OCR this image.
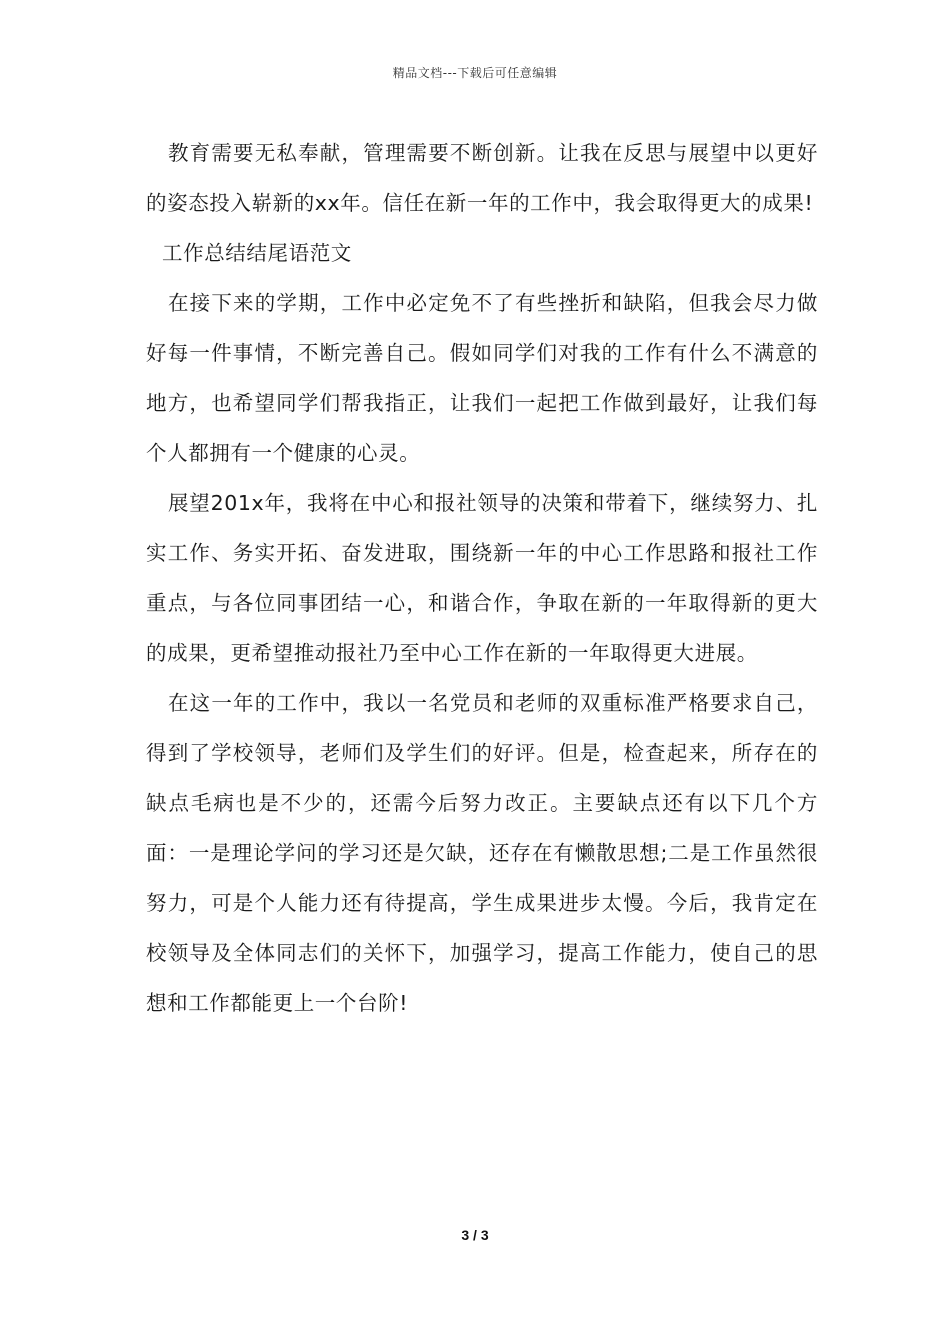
精品文档---下载后可任意编辑

教育需要无私奉献，管理需要不断创新。让我在反思与展望中以更好的姿态投入崭新的xx年。信任在新一年的工作中，我会取得更大的成果!

工作总结结尾语范文

在接下来的学期，工作中必定免不了有些挫折和缺陷，但我会尽力做好每一件事情，不断完善自己。假如同学们对我的工作有什么不满意的地方，也希望同学们帮我指正，让我们一起把工作做到最好，让我们每个人都拥有一个健康的心灵。

展望201x年，我将在中心和报社领导的决策和带着下，继续努力、扎实工作、务实开拓、奋发进取，围绕新一年的中心工作思路和报社工作重点，与各位同事团结一心，和谐合作，争取在新的一年取得新的更大的成果，更希望推动报社乃至中心工作在新的一年取得更大进展。

在这一年的工作中，我以一名党员和老师的双重标准严格要求自己，得到了学校领导，老师们及学生们的好评。但是，检查起来，所存在的缺点毛病也是不少的，还需今后努力改正。主要缺点还有以下几个方面：一是理论学问的学习还是欠缺，还存在有懒散思想;二是工作虽然很努力，可是个人能力还有待提高，学生成果进步太慢。今后，我肯定在校领导及全体同志们的关怀下，加强学习，提高工作能力，使自己的思想和工作都能更上一个台阶!

3 / 3
